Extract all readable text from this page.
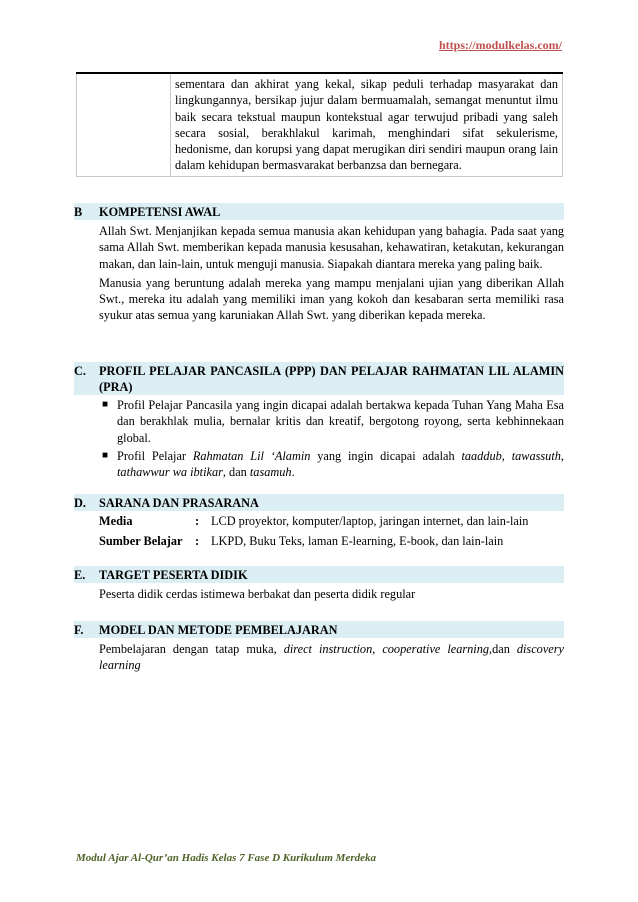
https://modulkelas.com/
	sementara dan akhirat yang kekal, sikap peduli terhadap masyarakat dan lingkungannya, bersikap jujur dalam bermuamalah, semangat menuntut ilmu baik secara tekstual maupun kontekstual agar terwujud pribadi yang saleh secara sosial, berakhlakul karimah, menghindari sifat sekulerisme, hedonisme, dan korupsi yang dapat merugikan diri sendiri maupun orang lain dalam kehidupan bermasvarakat berbanzsa dan bernegara.
B	KOMPETENSI AWAL
Allah Swt. Menjanjikan kepada semua manusia akan kehidupan yang bahagia. Pada saat yang sama Allah Swt. memberikan kepada manusia kesusahan, kehawatiran, ketakutan, kekurangan makan, dan lain-lain, untuk menguji manusia. Siapakah diantara mereka yang paling baik.
Manusia yang beruntung adalah mereka yang mampu menjalani ujian yang diberikan Allah Swt., mereka itu adalah yang memiliki iman yang kokoh dan kesabaran serta memiliki rasa syukur atas semua yang karuniakan Allah Swt. yang diberikan kepada mereka.
C.	PROFIL PELAJAR PANCASILA (PPP) DAN PELAJAR RAHMATAN LIL ALAMIN (PRA)
■ Profil Pelajar Pancasila yang ingin dicapai adalah bertakwa kepada Tuhan Yang Maha Esa dan berakhlak mulia, bernalar kritis dan kreatif, bergotong royong, serta kebhinnekaan global.
■ Profil Pelajar Rahmatan Lil ‘Alamin yang ingin dicapai adalah taaddub, tawassuth, tathawwur wa ibtikar, dan tasamuh.
D.	SARANA DAN PRASARANA
Media	: LCD proyektor, komputer/laptop, jaringan internet, dan lain-lain
Sumber Belajar	: LKPD, Buku Teks, laman E-learning, E-book, dan lain-lain
E.	TARGET PESERTA DIDIK
Peserta didik cerdas istimewa berbakat dan peserta didik regular
F.	MODEL DAN METODE PEMBELAJARAN
Pembelajaran dengan tatap muka, direct instruction, cooperative learning,dan discovery learning
Modul Ajar Al-Qur’an Hadis Kelas 7 Fase D Kurikulum Merdeka
